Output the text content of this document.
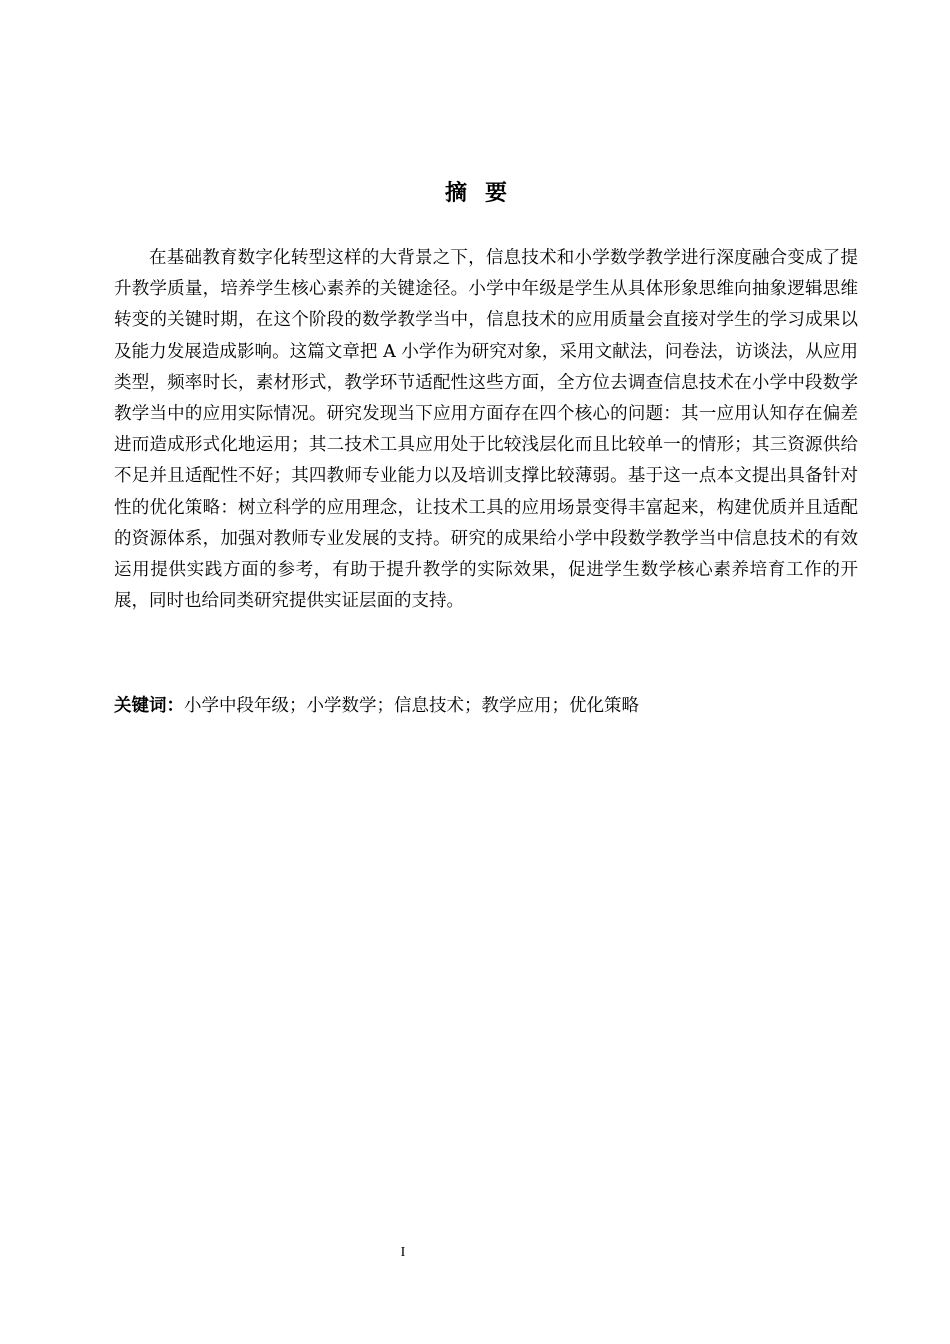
摘要

在基础教育数字化转型这样的大背景之下，信息技术和小学数学教学进行深度融合变成了提升教学质量，培养学生核心素养的关键途径。小学中年级是学生从具体形象思维向抽象逻辑思维转变的关键时期，在这个阶段的数学教学当中，信息技术的应用质量会直接对学生的学习成果以及能力发展造成影响。这篇文章把 A 小学作为研究对象，采用文献法，问卷法，访谈法，从应用类型，频率时长，素材形式，教学环节适配性这些方面，全方位去调查信息技术在小学中段数学教学当中的应用实际情况。研究发现当下应用方面存在四个核心的问题：其一应用认知存在偏差进而造成形式化地运用；其二技术工具应用处于比较浅层化而且比较单一的情形；其三资源供给不足并且适配性不好；其四教师专业能力以及培训支撑比较薄弱。基于这一点本文提出具备针对性的优化策略：树立科学的应用理念，让技术工具的应用场景变得丰富起来，构建优质并且适配的资源体系，加强对教师专业发展的支持。研究的成果给小学中段数学教学当中信息技术的有效运用提供实践方面的参考，有助于提升教学的实际效果，促进学生数学核心素养培育工作的开展，同时也给同类研究提供实证层面的支持。

关键词：小学中段年级；小学数学；信息技术；教学应用；优化策略
I
